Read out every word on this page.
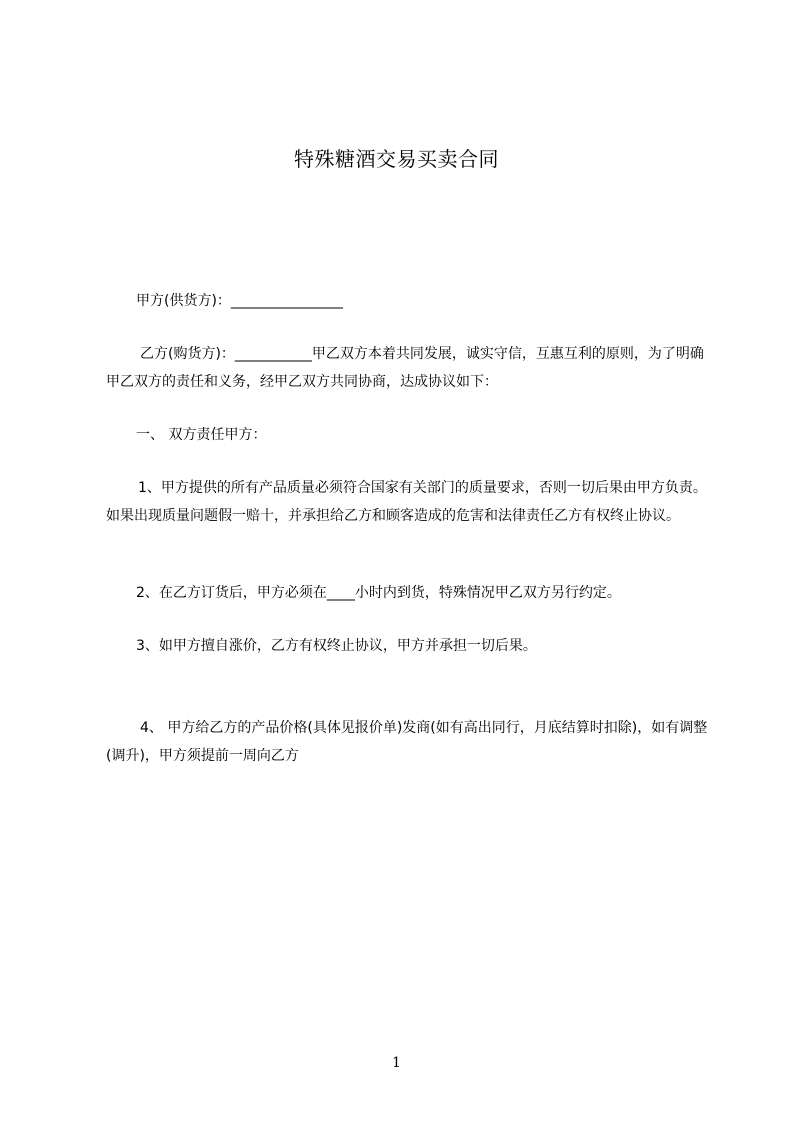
特殊糖酒交易买卖合同
甲方(供货方)：________________
乙方(购货方)：___________甲乙双方本着共同发展，诚实守信，互惠互利的原则，为了明确甲乙双方的责任和义务，经甲乙双方共同协商，达成协议如下：
一、 双方责任甲方：
1、甲方提供的所有产品质量必须符合国家有关部门的质量要求，否则一切后果由甲方负责。如果出现质量问题假一赔十，并承担给乙方和顾客造成的危害和法律责任乙方有权终止协议。
2、在乙方订货后，甲方必须在____小时内到货，特殊情况甲乙双方另行约定。
3、如甲方擅自涨价，乙方有权终止协议，甲方并承担一切后果。
4、 甲方给乙方的产品价格(具体见报价单)发商(如有高出同行，月底结算时扣除)，如有调整(调升)，甲方须提前一周向乙方
1
